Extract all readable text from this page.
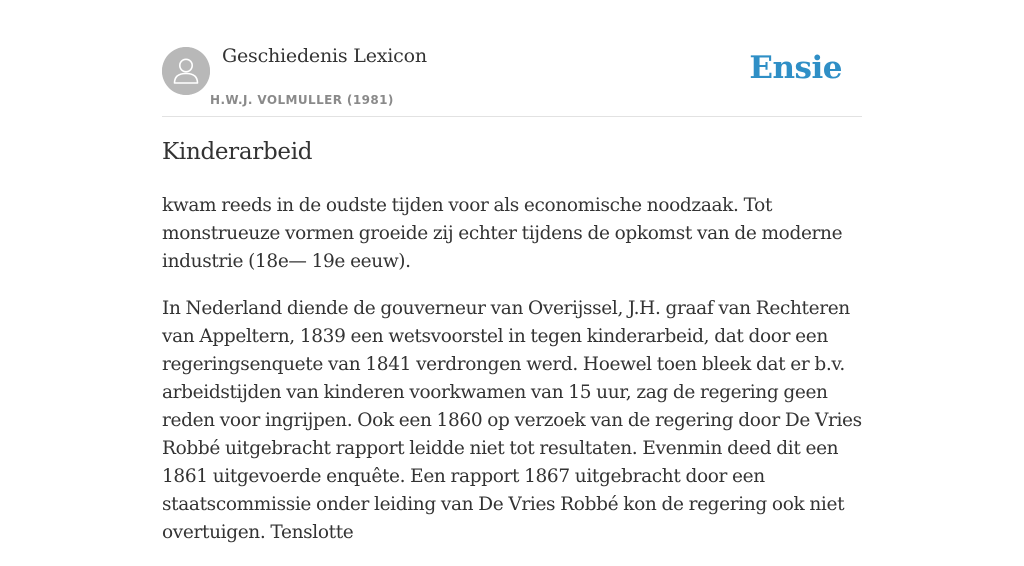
Geschiedenis Lexicon
H.W.J. VOLMULLER (1981)
Ensie
Kinderarbeid

kwam reeds in de oudste tijden voor als economische noodzaak. Tot monstrueuze vormen groeide zij echter tijdens de opkomst van de moderne industrie (18e— 19e eeuw).

In Nederland diende de gouverneur van Overijssel, J.H. graaf van Rechteren van Appeltern, 1839 een wetsvoorstel in tegen kinderarbeid, dat door een regeringsenquete van 1841 verdrongen werd. Hoewel toen bleek dat er b.v. arbeidstijden van kinderen voorkwamen van 15 uur, zag de regering geen reden voor ingrijpen. Ook een 1860 op verzoek van de regering door De Vries Robbé uitgebracht rapport leidde niet tot resultaten. Evenmin deed dit een 1861 uitgevoerde enquête. Een rapport 1867 uitgebracht door een staatscommissie onder leiding van De Vries Robbé kon de regering ook niet overtuigen. Tenslotte
